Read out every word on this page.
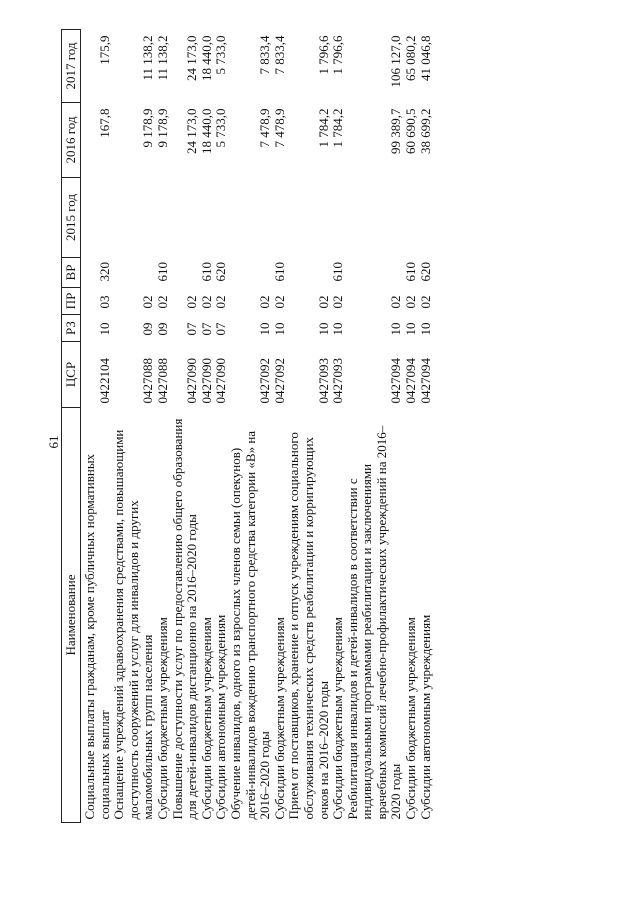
61
Наименование	ЦСР	РЗ	ПР	ВР	2015 год	2016 год	2017 год
Социальные выплаты гражданам, кроме публичных нормативных социальных выплат	0422104	10	03	320		167,8	175,9
Оснащение учреждений здравоохранения средствами, повышающими доступность сооружений и услуг для инвалидов и других маломобильных групп населения	0427088	09	02			9 178,9	11 138,2
Субсидии бюджетным учреждениям	0427088	09	02	610		9 178,9	11 138,2
Повышение доступности услуг по предоставлению общего образования для детей-инвалидов дистанционно на 2016–2020 годы	0427090	07	02			24 173,0	24 173,0
Субсидии бюджетным учреждениям	0427090	07	02	610		18 440,0	18 440,0
Субсидии автономным учреждениям	0427090	07	02	620		5 733,0	5 733,0
Обучение инвалидов, одного из взрослых членов семьи (опекунов) детей-инвалидов вождению транспортного средства категории «В» на 2016–2020 годы	0427092	10	02			7 478,9	7 833,4
Субсидии бюджетным учреждениям	0427092	10	02	610		7 478,9	7 833,4
Прием от поставщиков, хранение и отпуск учреждениям социального обслуживания технических средств реабилитации и корригирующих очков на 2016–2020 годы	0427093	10	02			1 784,2	1 796,6
Субсидии бюджетным учреждениям	0427093	10	02	610		1 784,2	1 796,6
Реабилитация инвалидов и детей-инвалидов в соответствии с индивидуальными программами реабилитации и заключениями врачебных комиссий лечебно-профилактических учреждений на 2016–2020 годы	0427094	10	02			99 389,7	106 127,0
Субсидии бюджетным учреждениям	0427094	10	02	610		60 690,5	65 080,2
Субсидии автономным учреждениям	0427094	10	02	620		38 699,2	41 046,8
